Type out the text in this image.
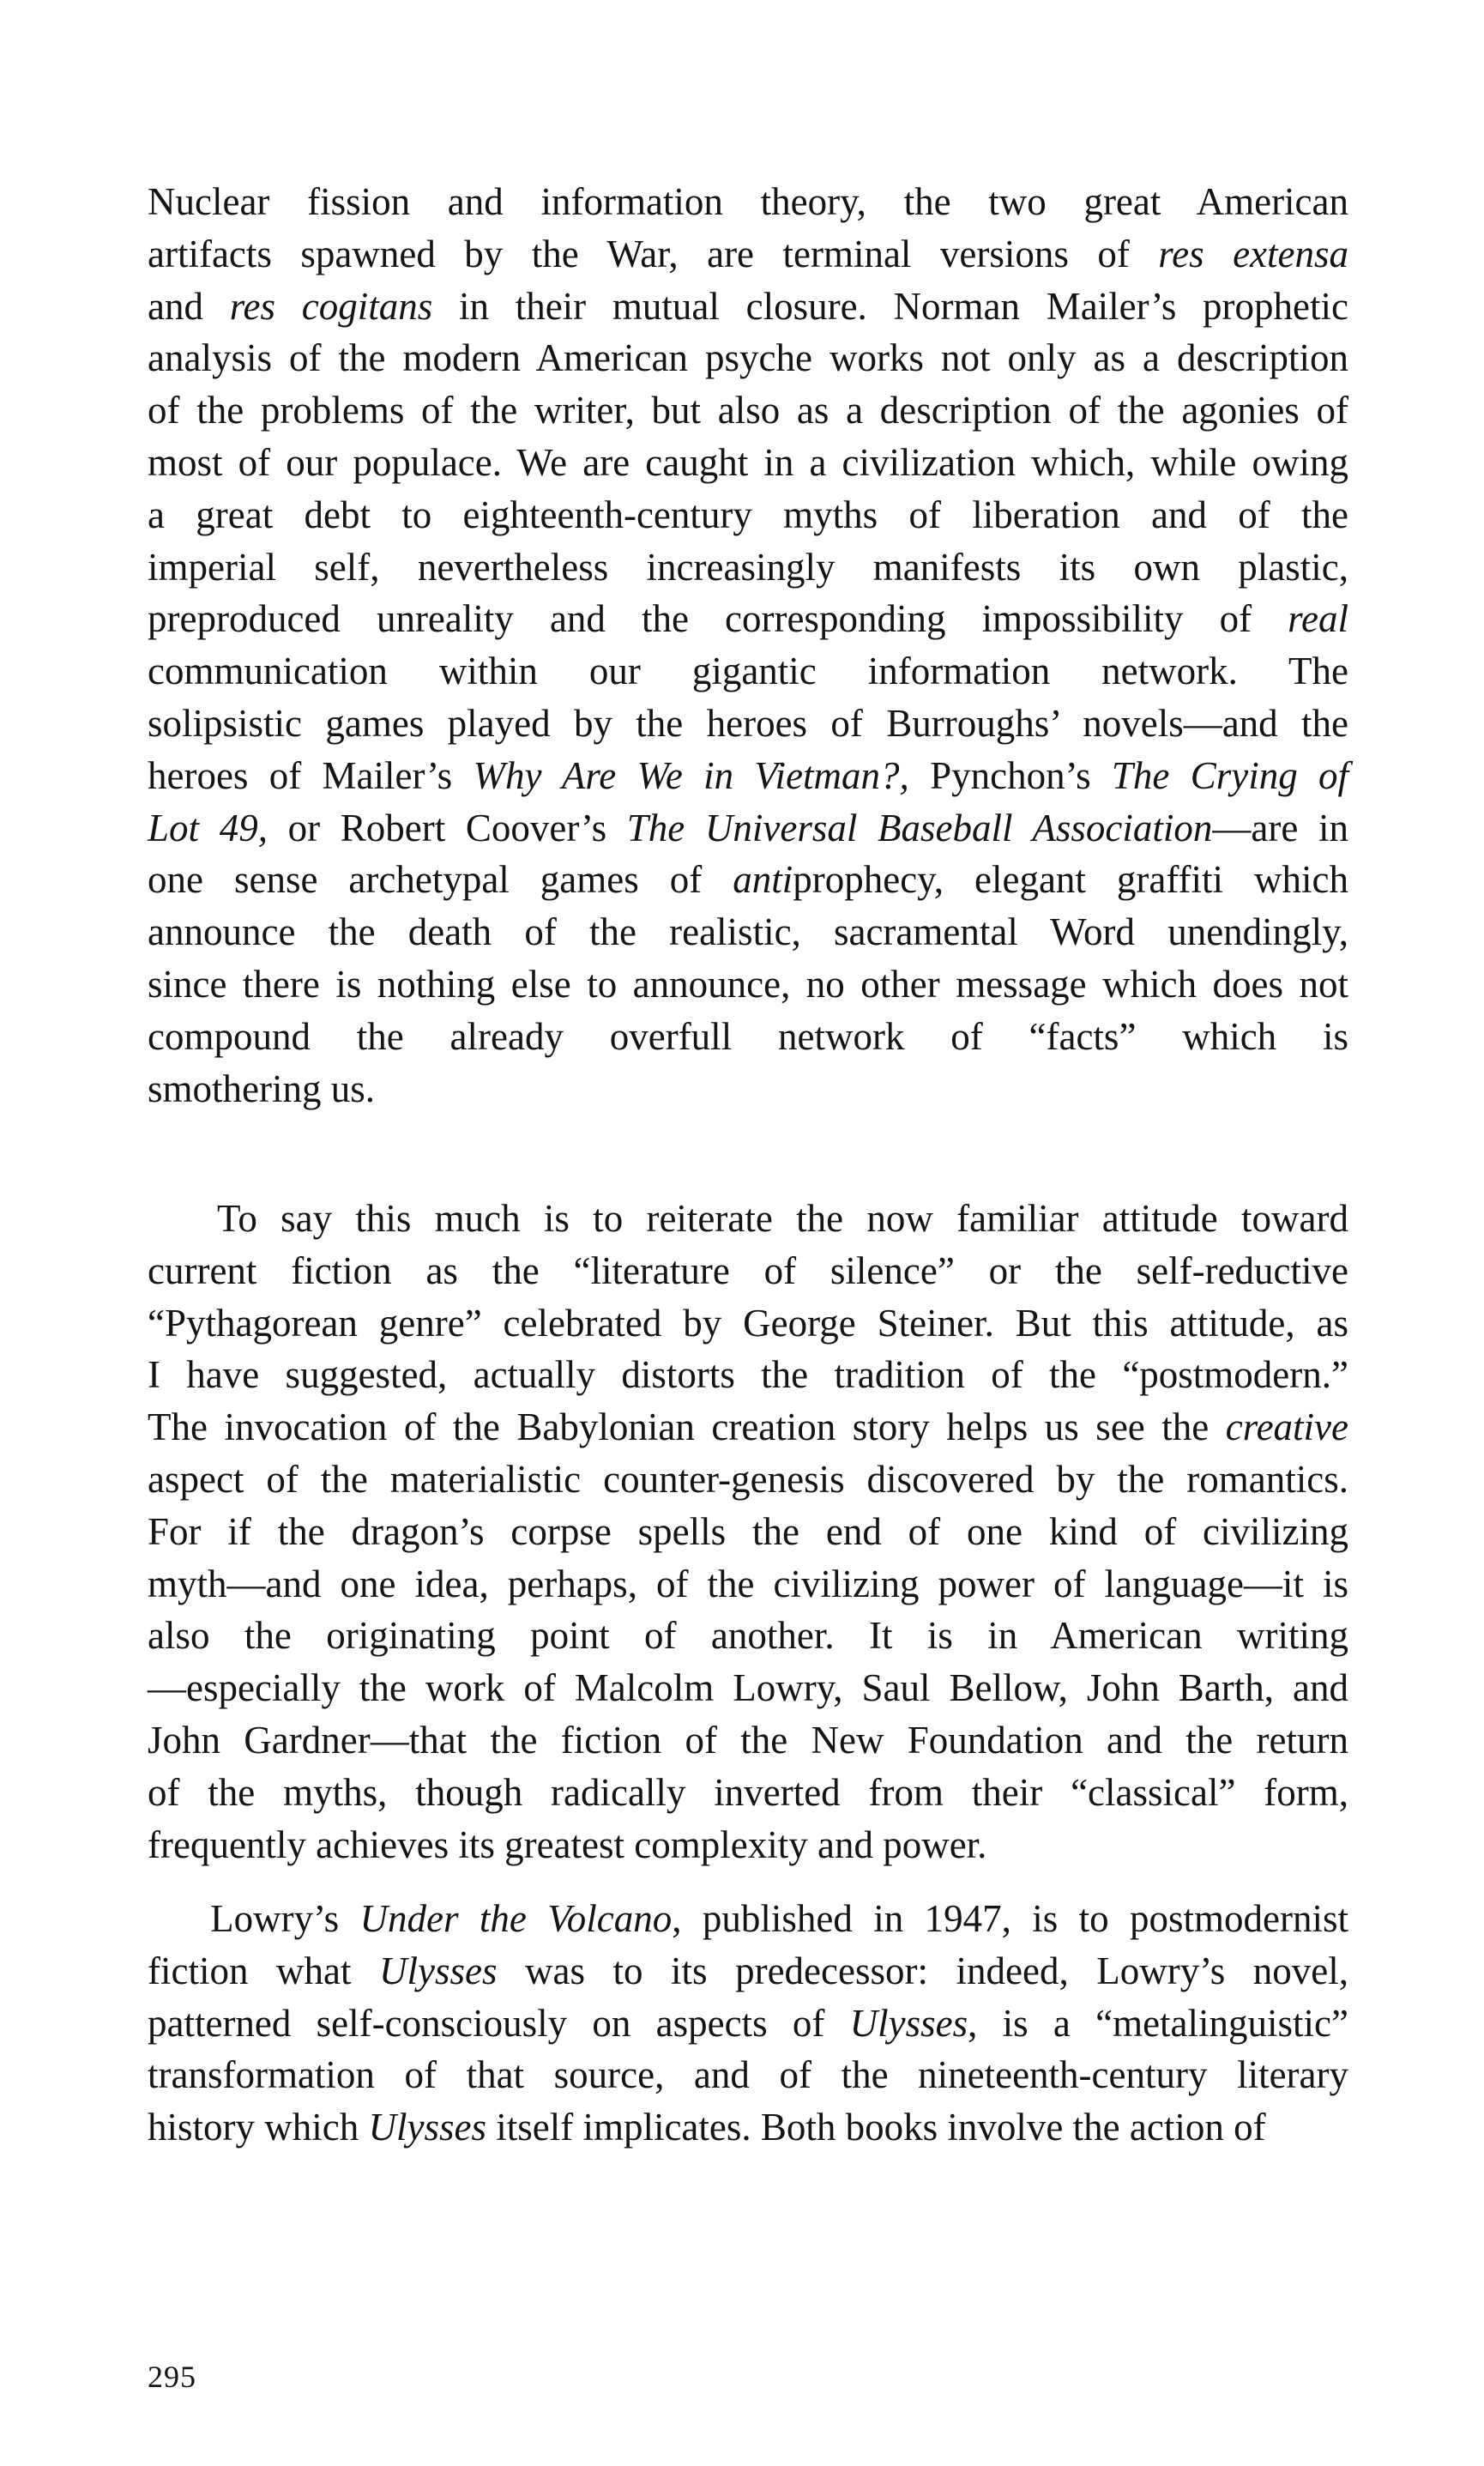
Nuclear fission and information theory, the two great American
artifacts spawned by the War, are terminal versions of res extensa
and res cogitans in their mutual closure. Norman Mailer’s prophetic
analysis of the modern American psyche works not only as a description
of the problems of the writer, but also as a description of the agonies of
most of our populace. We are caught in a civilization which, while owing
a great debt to eighteenth-century myths of liberation and of the
imperial self, nevertheless increasingly manifests its own plastic,
preproduced unreality and the corresponding impossibility of real
communication within our gigantic information network. The
solipsistic games played by the heroes of Burroughs’ novels—and the
heroes of Mailer’s Why Are We in Vietman?, Pynchon’s The Crying of
Lot 49, or Robert Coover’s The Universal Baseball Association—are in
one sense archetypal games of antiprophecy, elegant graffiti which
announce the death of the realistic, sacramental Word unendingly,
since there is nothing else to announce, no other message which does not
compound the already overfull network of “facts” which is
smothering us.
To say this much is to reiterate the now familiar attitude toward
current fiction as the “literature of silence” or the self-reductive
“Pythagorean genre” celebrated by George Steiner. But this attitude, as
I have suggested, actually distorts the tradition of the “postmodern.”
The invocation of the Babylonian creation story helps us see the creative
aspect of the materialistic counter-genesis discovered by the romantics.
For if the dragon’s corpse spells the end of one kind of civilizing
myth—and one idea, perhaps, of the civilizing power of language—it is
also the originating point of another. It is in American writing
—especially the work of Malcolm Lowry, Saul Bellow, John Barth, and
John Gardner—that the fiction of the New Foundation and the return
of the myths, though radically inverted from their “classical” form,
frequently achieves its greatest complexity and power.
Lowry’s Under the Volcano, published in 1947, is to postmodernist
fiction what Ulysses was to its predecessor: indeed, Lowry’s novel,
patterned self-consciously on aspects of Ulysses, is a “metalinguistic”
transformation of that source, and of the nineteenth-century literary
history which Ulysses itself implicates. Both books involve the action of
295
